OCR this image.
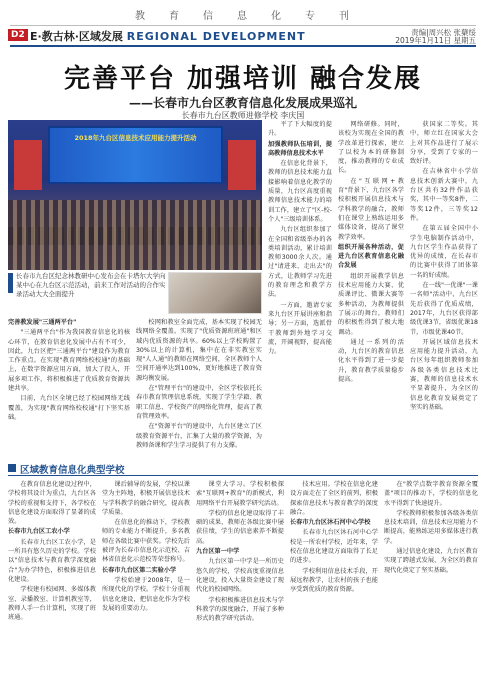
教 育 信 息 化 专 刊
D2 E·教古林·区域发展 REGIONAL DEVELOPMENT	责编|周兴松 张蘖绥
2019年1月11日 星期五
完善平台 加强培训 融合发展
——长春市九台区教育信息化发展成果巡礼
长春市九台区教师进修学校 李庆国
2018年九台区信息技术应用能力提升活动
长春市九台区纪念林教研中心发布会在卡塔尔大学向某中心在九台区示范活动，前来工作对活动的合作实录活动大大全面提升

完善教发展"三通两平台"

"三通两平台"作为我国教育信息化的核心环节，在教育信息化发展中占有不可少，因此，九台区把"三通两平台"建设作为教育工作重点。在实现"教育网络校校通"的基础上，在数字资源应用方面，加大了投入，开展多项工作，将积极推进了优质教育资源共建共享。

目前，九台区全境已经了校园网络无线覆盖，为实现"教育网络校校通"打下坚实基础。

校网和教室全面完成，基本实现了校园无线网络全覆盖。实现了"优质资源班班通"和区域内优质资源的共享。60%以上学校购置了30%以上的计算机，集中在在非实教室实现"人人通"的教师在网络空间，全区教师个人空间开通率达到100%，更好地推进了教育资源均衡发展。

在"管理平台"的建设中，全区学校依托长春市教育管理信息系统，实现了学生学籍、教职工信息、学校资产的网络化管理，提高了教育管理效率。

在"资源平台"的建设中，九台区建立了区级教育资源平台，汇集了大量的教学资源，为教师备课和学生学习提供了有力支撑。

平了下大幅度的提升。

加强教师队伍培训，提高教师信息技术水平

在信息化背景下，教师的信息技术能力直接影响着信息化教学的质量，九台区高度重视教师信息技术能力的培训工作，建立了"区-校-个人"三级培训体系。

九台区组织参加了在全国和省级举办的各类培训活动，累计培训教师3000余人次。通过"请进来、走出去"的方式，让教师学习先进的教育理念和教学方法。

一方面，邀请专家来九台区开展讲座和指导；另一方面，选派骨干教师到外地学习交流，开阔视野，提高能力。

网络研修。同时，该校为实现在全国的教学改革进行探索，建立了以校为本的研修制度，推动教师的专业成长。

在"互联网+教育"背景下，九台区各学校积极开展信息技术与学科教学的融合，教师们在课堂上熟练运用多媒体设备，提高了课堂教学效率。

组织开展各种活动，促进九台区教育信息化融合发展

组织开展教学信息技术应用能力大赛、优质课评比、微课大赛等多种活动，为教师提供了展示的舞台，教师们的积极性得到了极大地调动。

通过一系列的活动，九台区的教育信息化水平得到了进一步提升，教育教学质量稳步提高。

获国家二等奖。其中，师立红在国家大会上对其作品进行了展示分享，受到了专家的一致好评。

在吉林省中小学信息技术创新大赛中，九台区共有32件作品获奖，其中一等奖8件，二等奖12件，三等奖12件。

在第五届全国中小学生电脑制作活动中，九台区学生作品获得了优异的成绩，在长春市的比赛中获得了团体第一名的好成绩。

在一线"一优课"一课一名师"活动中，九台区先后获得了优质成绩，2017年，九台区获得部级优课3节，省级优课18节，市级优课40节。

开展区域信息技术应用能力提升活动，九台区每年组织教师参加各级各类信息技术比赛，教师的信息技术水平显著提升，为全区的信息化教育发展奠定了坚实的基础。

区域教育信息化典型学校

在教育信息化建设过程中，学校将其设计为重点，九台区各学校的重视和支持下，各学校在信息化建设方面取得了显著的成效。

长春市九台区工农小学

长春市九台区工农小学，是一所具有悠久历史的学校。学校以"信息技术与教育教学深度融合"为办学特色，积极推进信息化建设。

学校建有校园网、多媒体教室、录播教室、计算机教室等，教师人手一台计算机，实现了班班通。

课后辅导的发展，学校以课堂为主阵地，积极开展信息技术与学科教学的融合研究，提高教学质量。

在信息化的推动下，学校教师的专业能力不断提升，多名教师在各级比赛中获奖。学校先后被评为长春市信息化示范校、吉林省信息化示范校等荣誉称号。

长春市九台区第二实验小学

学校始建于2008年，是一所现代化的学校。学校十分重视信息化建设，把信息化作为学校发展的重要动力。

课堂大学习。学校积极探索"互联网+教育"的新模式，利用网络平台开展教学研究活动。

学校的信息化建设取得了丰硕的成果，教师在各级比赛中屡获佳绩，学生的信息素养不断提高。

九台区第一中学

九台区第一中学是一所历史悠久的学校，学校高度重视信息化建设，投入大量资金建设了现代化的校园网络。

学校积极推进信息技术与学科教学的深度融合，开展了多种形式的教学研究活动。

技术应用。学校在信息化建设方面走在了全区的前列，积极探索信息技术与教育教学的深度融合。

长春市九台区沐石河中心学校

长春市九台区沐石河中心学校是一所农村学校，近年来，学校在信息化建设方面取得了长足的进步。

学校利用信息技术手段，开展远程教学，让农村的孩子也能享受到优质的教育资源。

在"教学点数字教育资源全覆盖"项目的推动下，学校的信息化水平得到了快速提升。

学校教师积极参加各级各类信息技术培训，信息技术应用能力不断提高，能熟练运用多媒体进行教学。

通过信息化建设，九台区教育实现了跨越式发展，为全区的教育现代化奠定了坚实基础。
